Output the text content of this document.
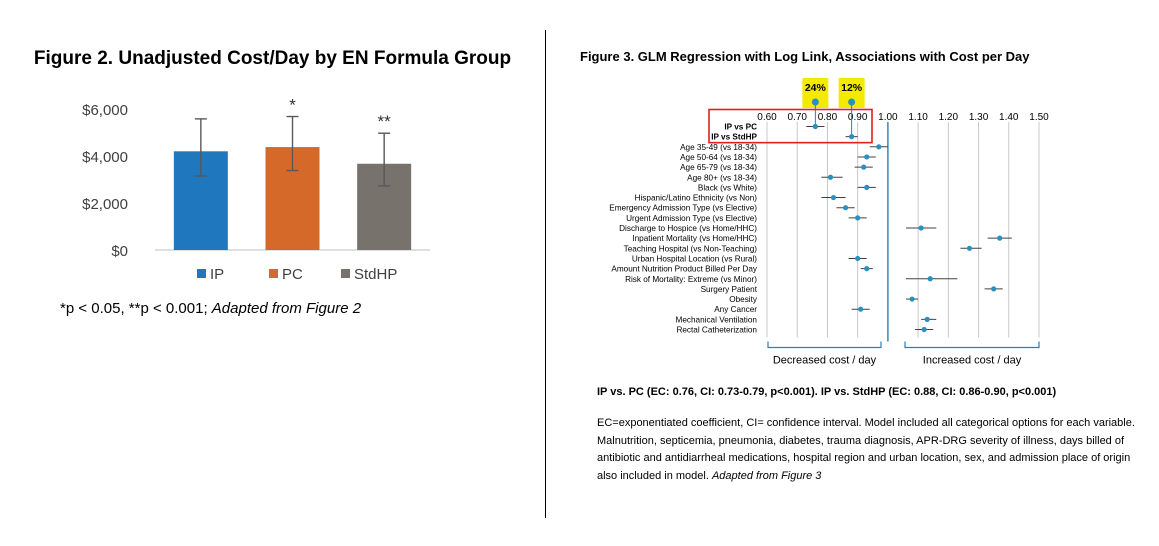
Figure 2. Unadjusted Cost/Day by EN Formula Group
$0
$2,000
$4,000
$6,000
IP
*
PC
**
StdHP
*p < 0.05, **p < 0.001; Adapted from Figure 2
Figure 3. GLM Regression with Log Link, Associations with Cost per Day
0.60 0.70 0.80 0.90 1.00 1.10 1.20 1.30 1.40 1.50
24% 12%
IP vs PC
IP vs StdHP
Age 35-49 (vs 18-34)
Age 50-64 (vs 18-34)
Age 65-79 (vs 18-34)
Age 80+ (vs 18-34)
Black (vs White)
Hispanic/Latino Ethnicity (vs Non)
Emergency Admission Type (vs Elective)
Urgent Admission Type (vs Elective)
Discharge to Hospice (vs Home/HHC)
Inpatient Mortality (vs Home/HHC)
Teaching Hospital (vs Non-Teaching)
Urban Hospital Location (vs Rural)
Amount Nutrition Product Billed Per Day
Risk of Mortality: Extreme (vs Minor)
Surgery Patient
Obesity
Any Cancer
Mechanical Ventilation
Rectal Catheterization
Decreased cost / day	Increased cost / day
IP vs. PC (EC: 0.76, CI: 0.73-0.79, p<0.001). IP vs. StdHP (EC: 0.88, CI: 0.86-0.90, p<0.001)
EC=exponentiated coefficient, CI= confidence interval. Model included all categorical options for each variable. Malnutrition, septicemia, pneumonia, diabetes, trauma diagnosis, APR-DRG severity of illness, days billed of antibiotic and antidiarrheal medications, hospital region and urban location, sex, and admission place of origin also included in model. Adapted from Figure 3
